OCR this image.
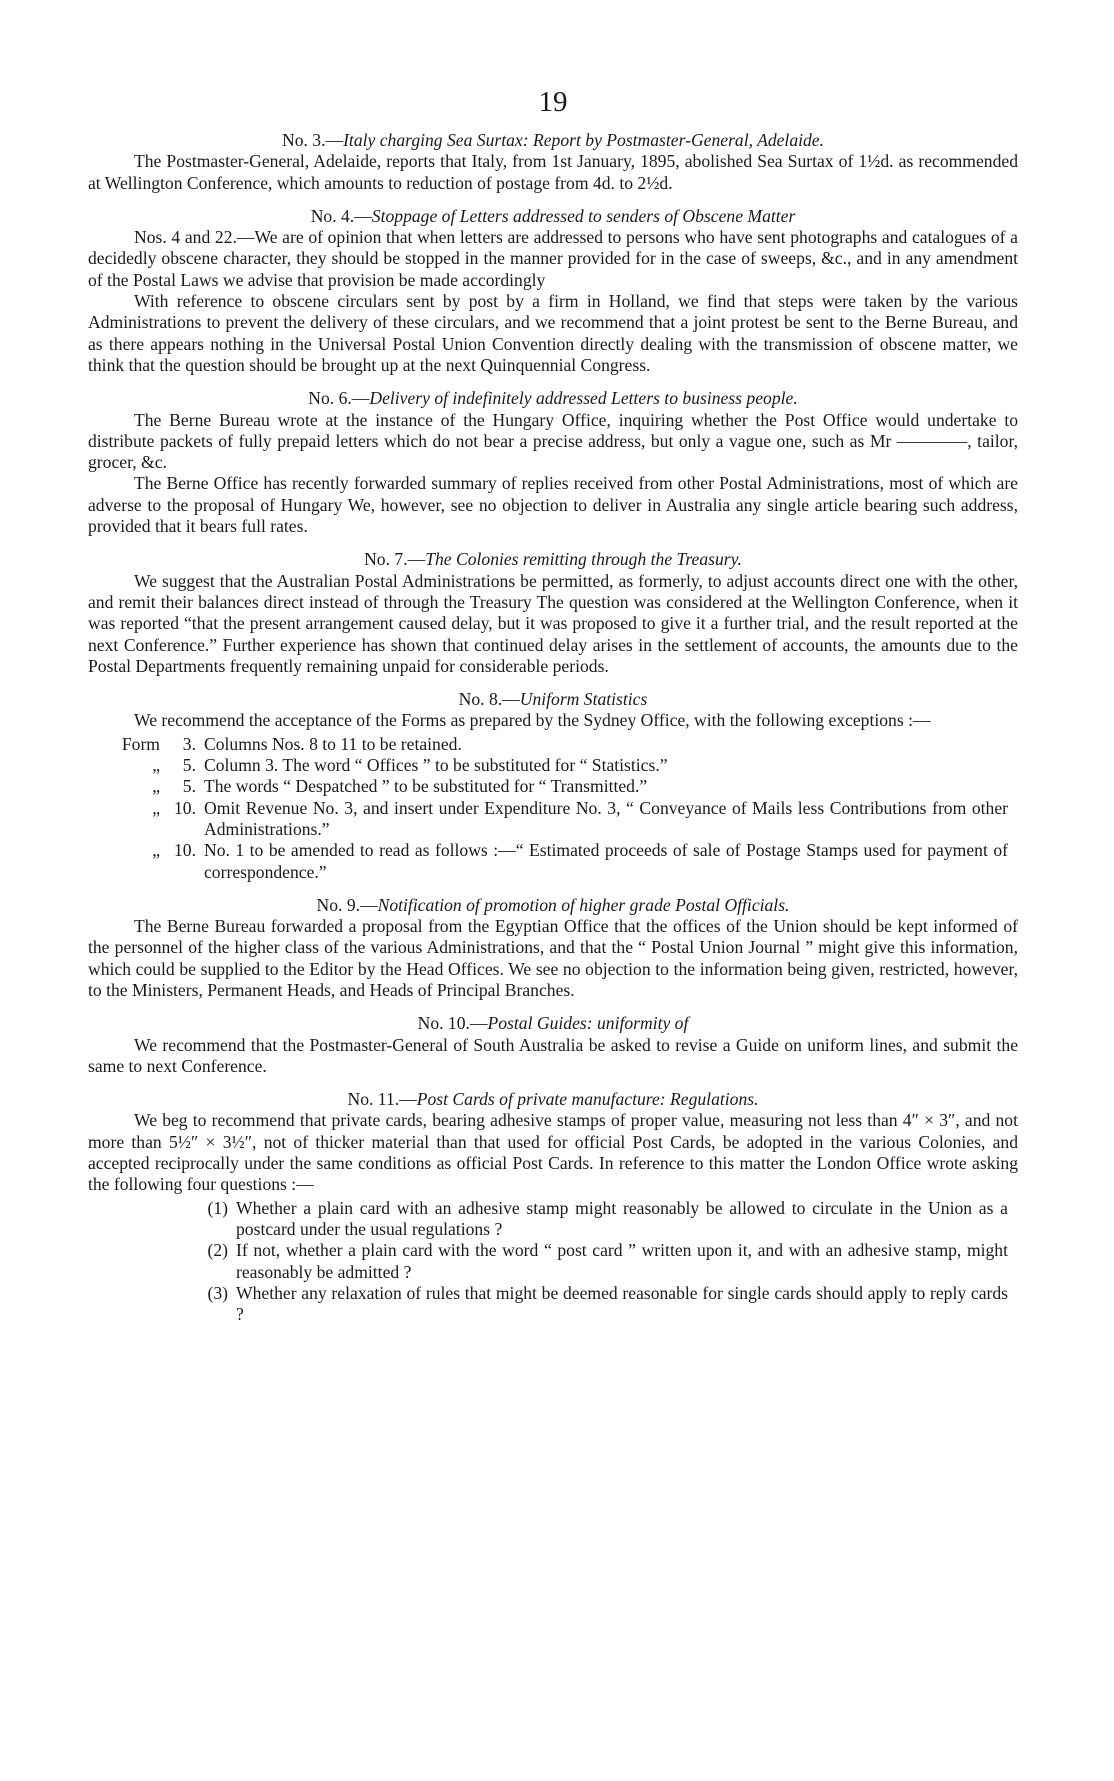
19
No. 3.—Italy charging Sea Surtax: Report by Postmaster-General, Adelaide.

The Postmaster-General, Adelaide, reports that Italy, from 1st January, 1895, abolished Sea Surtax of 1½d. as recommended at Wellington Conference, which amounts to reduction of postage from 4d. to 2½d.

No. 4.—Stoppage of Letters addressed to senders of Obscene Matter

Nos. 4 and 22.—We are of opinion that when letters are addressed to persons who have sent photographs and catalogues of a decidedly obscene character, they should be stopped in the manner provided for in the case of sweeps, &c., and in any amendment of the Postal Laws we advise that provision be made accordingly

With reference to obscene circulars sent by post by a firm in Holland, we find that steps were taken by the various Administrations to prevent the delivery of these circulars, and we recommend that a joint protest be sent to the Berne Bureau, and as there appears nothing in the Universal Postal Union Convention directly dealing with the transmission of obscene matter, we think that the question should be brought up at the next Quinquennial Congress.

No. 6.—Delivery of indefinitely addressed Letters to business people.

The Berne Bureau wrote at the instance of the Hungary Office, inquiring whether the Post Office would undertake to distribute packets of fully prepaid letters which do not bear a precise address, but only a vague one, such as Mr ————, tailor, grocer, &c.

The Berne Office has recently forwarded summary of replies received from other Postal Administrations, most of which are adverse to the proposal of Hungary We, however, see no objection to deliver in Australia any single article bearing such address, provided that it bears full rates.

No. 7.—The Colonies remitting through the Treasury.

We suggest that the Australian Postal Administrations be permitted, as formerly, to adjust accounts direct one with the other, and remit their balances direct instead of through the Treasury The question was considered at the Wellington Conference, when it was reported “that the present arrangement caused delay, but it was proposed to give it a further trial, and the result reported at the next Conference.” Further experience has shown that continued delay arises in the settlement of accounts, the amounts due to the Postal Departments frequently remaining unpaid for considerable periods.

No. 8.—Uniform Statistics

We recommend the acceptance of the Forms as prepared by the Sydney Office, with the following exceptions :—

Form	3. Columns Nos. 8 to 11 to be retained.
„	5. Column 3. The word “ Offices ” to be substituted for “ Statistics.”
„	5. The words “ Despatched ” to be substituted for “ Transmitted.”
„ 10. Omit Revenue No. 3, and insert under Expenditure No. 3, “ Conveyance of Mails less Contributions from other Administrations.”
„ 10. No. 1 to be amended to read as follows :—“ Estimated proceeds of sale of Postage Stamps used for payment of correspondence.”
No. 9.—Notification of promotion of higher grade Postal Officials.

The Berne Bureau forwarded a proposal from the Egyptian Office that the offices of the Union should be kept informed of the personnel of the higher class of the various Administrations, and that the “ Postal Union Journal ” might give this information, which could be supplied to the Editor by the Head Offices. We see no objection to the information being given, restricted, however, to the Ministers, Permanent Heads, and Heads of Principal Branches.

No. 10.—Postal Guides: uniformity of

We recommend that the Postmaster-General of South Australia be asked to revise a Guide on uniform lines, and submit the same to next Conference.

No. 11.—Post Cards of private manufacture: Regulations.

We beg to recommend that private cards, bearing adhesive stamps of proper value, measuring not less than 4″ × 3″, and not more than 5½″ × 3½″, not of thicker material than that used for official Post Cards, be adopted in the various Colonies, and accepted reciprocally under the same conditions as official Post Cards. In reference to this matter the London Office wrote asking the following four questions :—

(1) Whether a plain card with an adhesive stamp might reasonably be allowed to circulate in the Union as a postcard under the usual regulations ?
(2) If not, whether a plain card with the word “ post card ” written upon it, and with an adhesive stamp, might reasonably be admitted ?
(3) Whether any relaxation of rules that might be deemed reasonable for single cards should apply to reply cards ?
